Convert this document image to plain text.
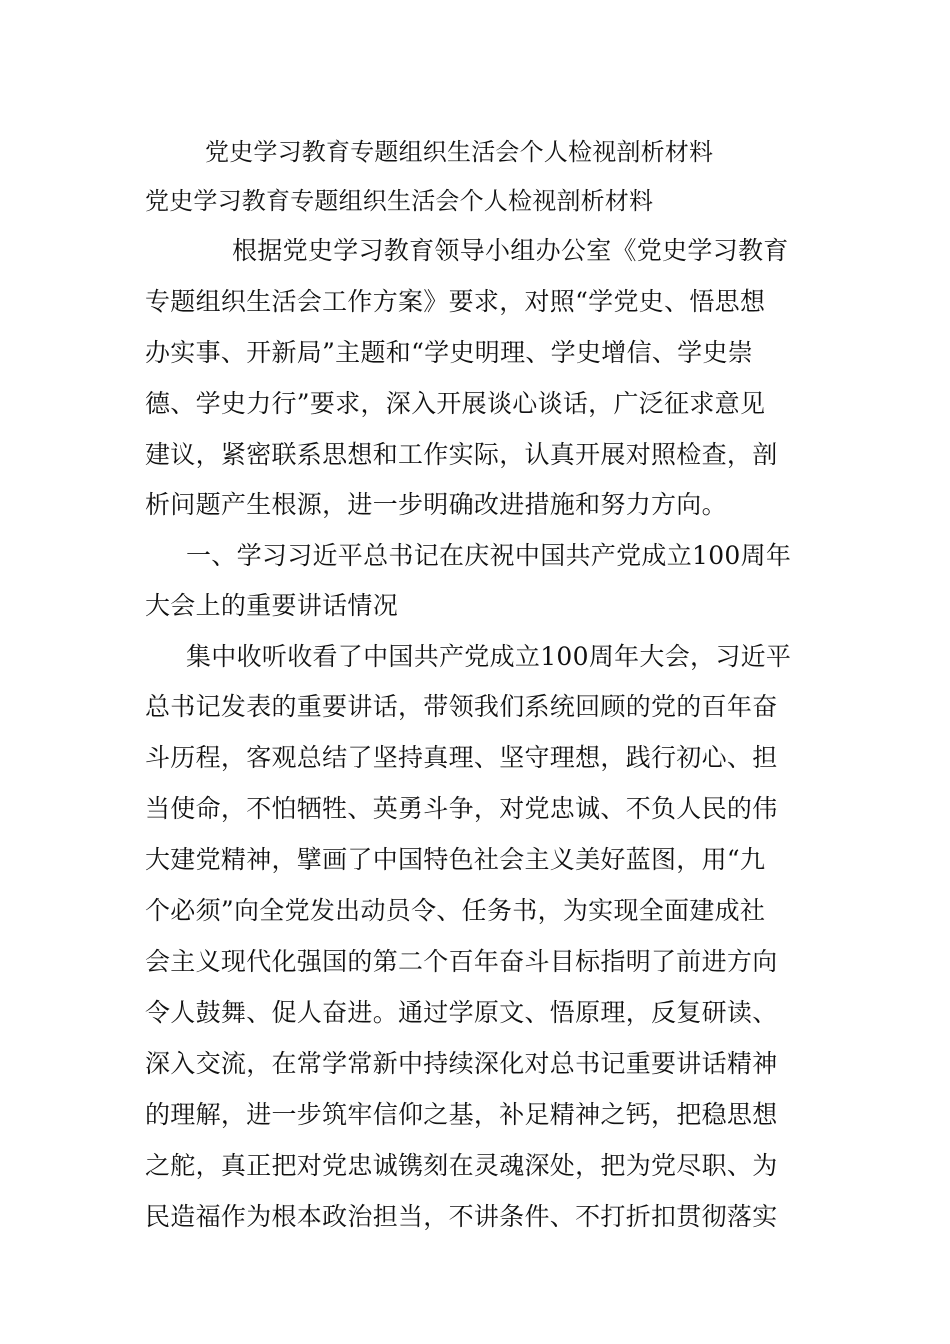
党史学习教育专题组织生活会个人检视剖析材料

党史学习教育专题组织生活会个人检视剖析材料

根据党史学习教育领导小组办公室《党史学习教育

专题组织生活会工作方案》要求，对照“学党史、悟思想

办实事、开新局”主题和“学史明理、学史增信、学史崇

德、学史力行”要求，深入开展谈心谈话，广泛征求意见

建议，紧密联系思想和工作实际，认真开展对照检查，剖

析问题产生根源，进一步明确改进措施和努力方向。

一、学习习近平总书记在庆祝中国共产党成立100周年

大会上的重要讲话情况

集中收听收看了中国共产党成立100周年大会，习近平

总书记发表的重要讲话，带领我们系统回顾的党的百年奋

斗历程，客观总结了坚持真理、坚守理想，践行初心、担

当使命，不怕牺牲、英勇斗争，对党忠诚、不负人民的伟

大建党精神，擘画了中国特色社会主义美好蓝图，用“九

个必须”向全党发出动员令、任务书，为实现全面建成社

会主义现代化强国的第二个百年奋斗目标指明了前进方向

令人鼓舞、促人奋进。通过学原文、悟原理，反复研读、

深入交流，在常学常新中持续深化对总书记重要讲话精神

的理解，进一步筑牢信仰之基，补足精神之钙，把稳思想

之舵，真正把对党忠诚镌刻在灵魂深处，把为党尽职、为

民造福作为根本政治担当，不讲条件、不打折扣贯彻落实
